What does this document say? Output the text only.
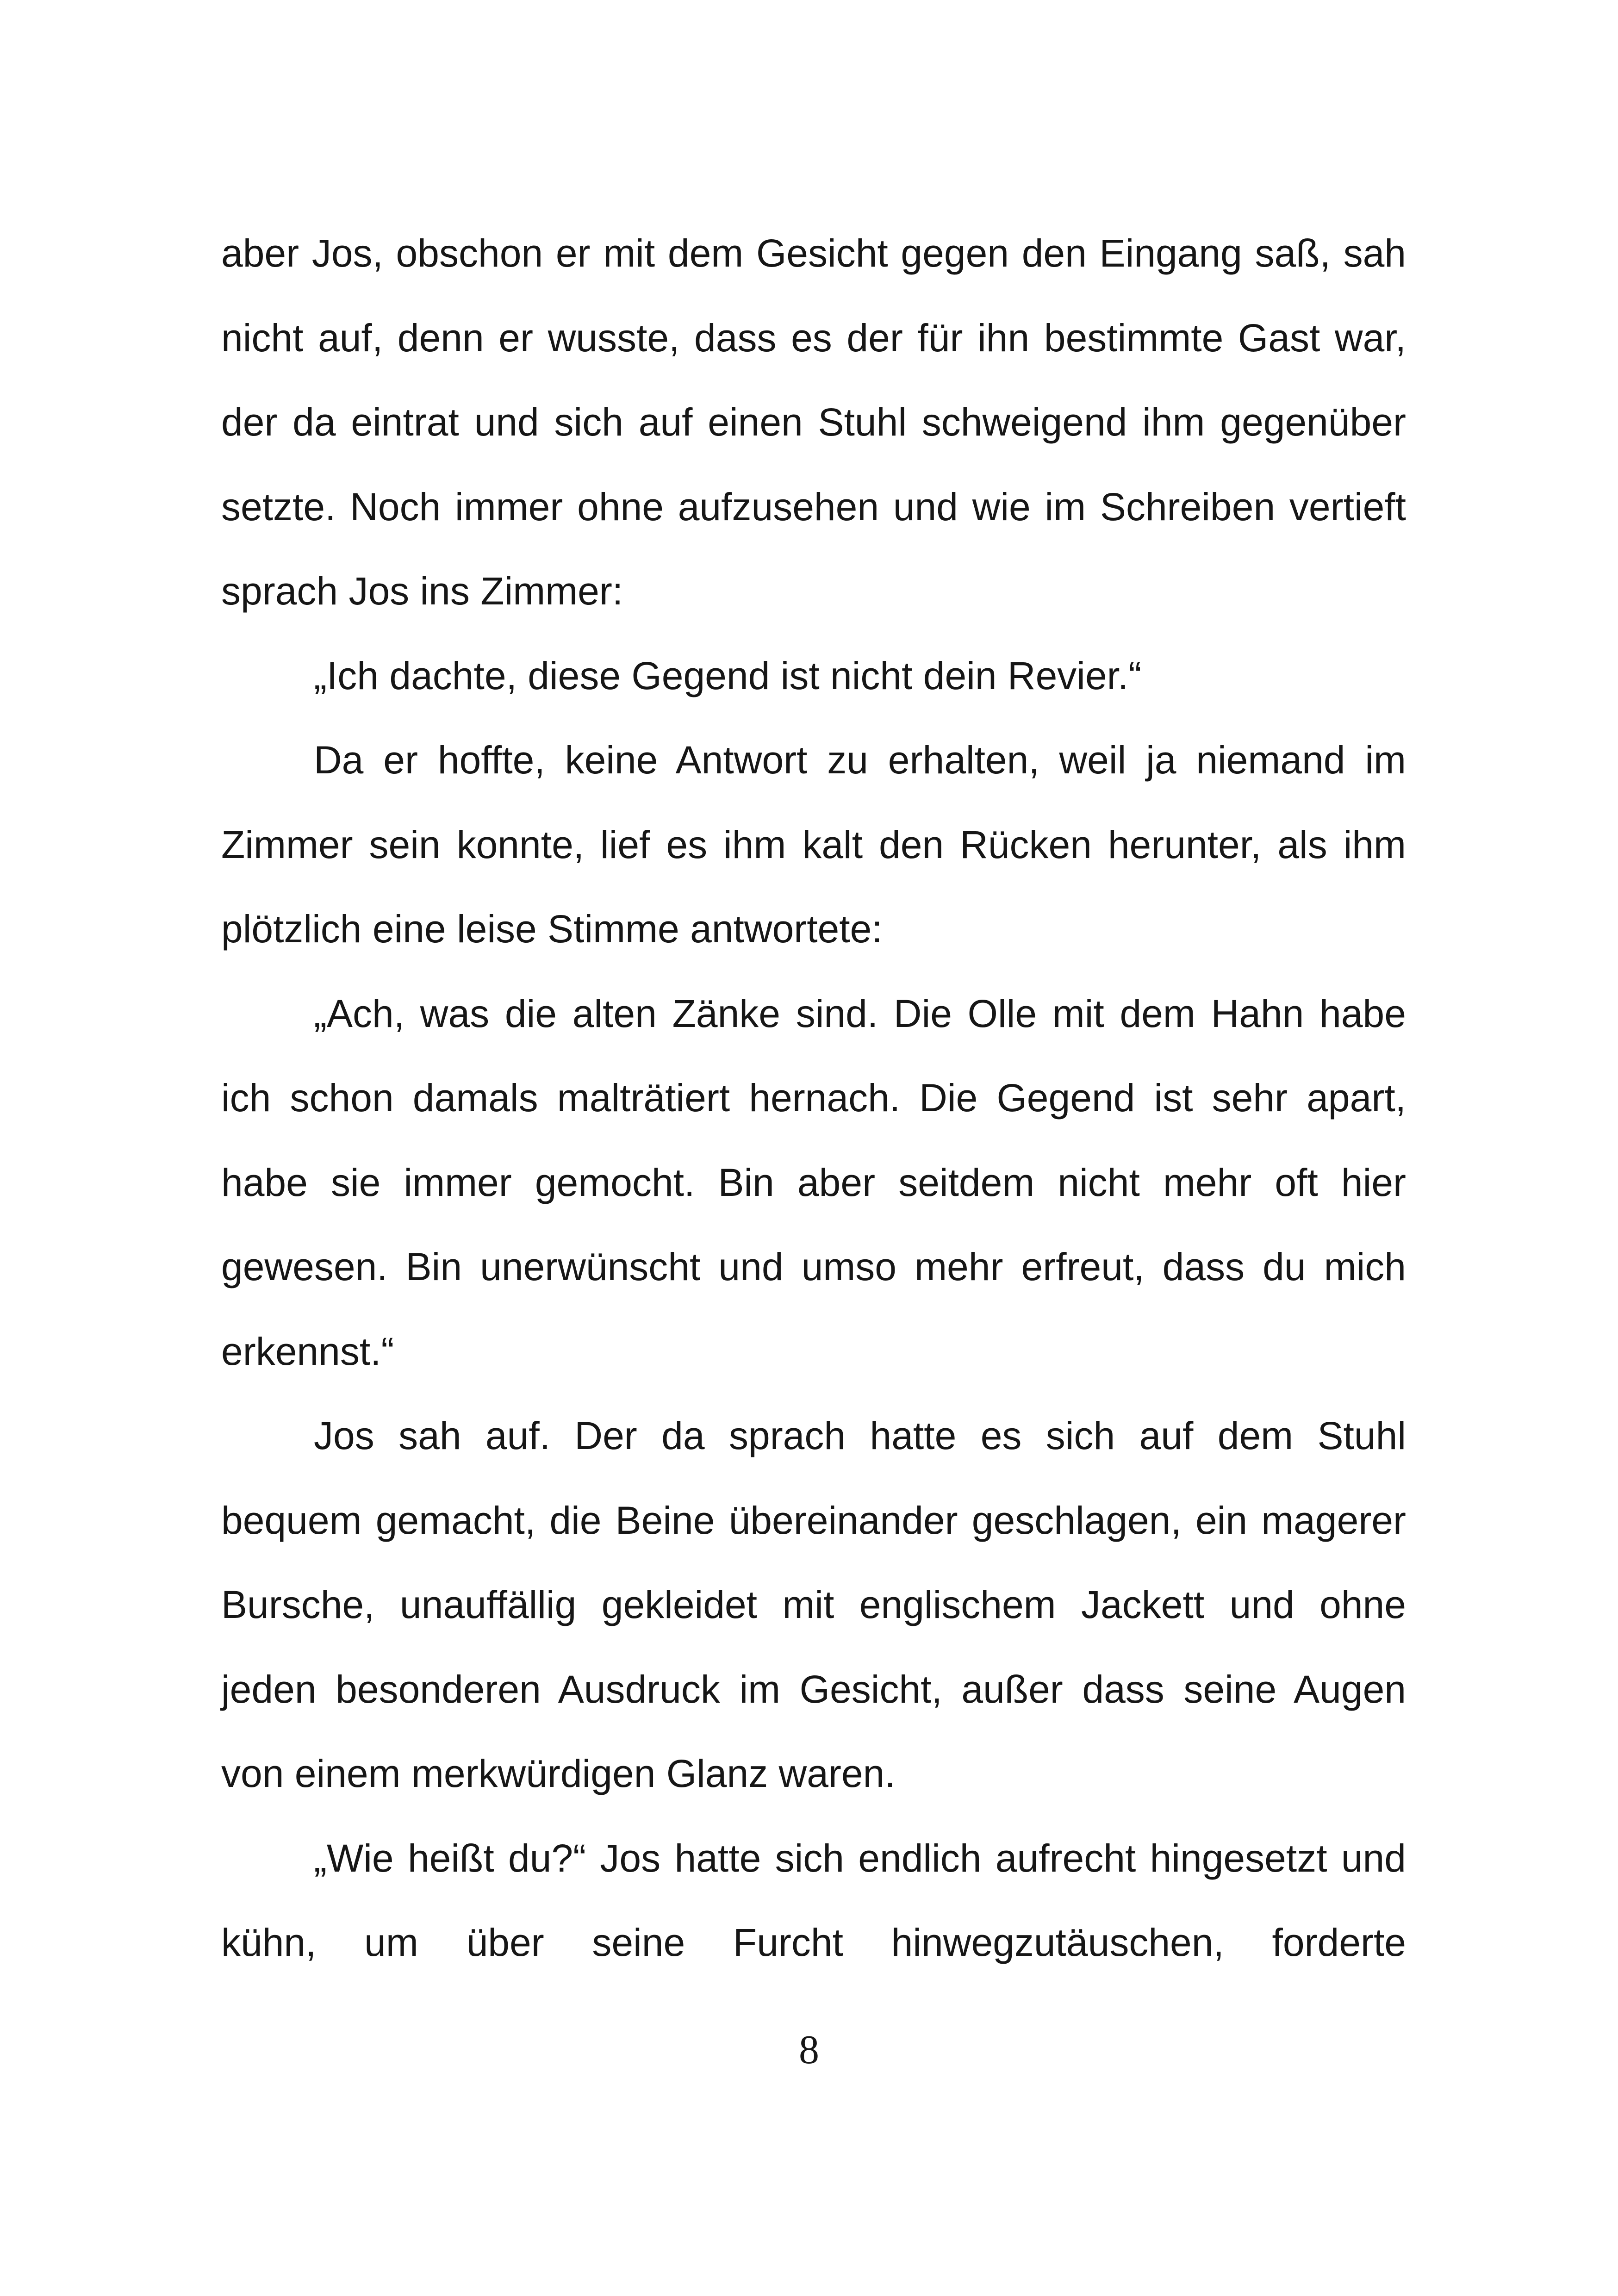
aber Jos, obschon er mit dem Gesicht gegen den Eingang saß, sah nicht auf, denn er wusste, dass es der für ihn bestimmte Gast war, der da eintrat und sich auf einen Stuhl schweigend ihm gegenüber setzte. Noch immer ohne aufzusehen und wie im Schreiben vertieft sprach Jos ins Zimmer:

„Ich dachte, diese Gegend ist nicht dein Revier.“

Da er hoffte, keine Antwort zu erhalten, weil ja niemand im Zimmer sein konnte, lief es ihm kalt den Rücken herunter, als ihm plötzlich eine leise Stimme antwortete:

„Ach, was die alten Zänke sind. Die Olle mit dem Hahn habe ich schon damals malträtiert hernach. Die Gegend ist sehr apart, habe sie immer gemocht. Bin aber seitdem nicht mehr oft hier gewesen. Bin unerwünscht und umso mehr erfreut, dass du mich erkennst.“

Jos sah auf. Der da sprach hatte es sich auf dem Stuhl bequem gemacht, die Beine übereinander geschlagen, ein magerer Bursche, unauffällig gekleidet mit englischem Jackett und ohne jeden besonderen Ausdruck im Gesicht, außer dass seine Augen von einem merkwürdigen Glanz waren.

„Wie heißt du?“ Jos hatte sich endlich aufrecht hingesetzt und kühn, um über seine Furcht hinwegzutäuschen, forderte

8
